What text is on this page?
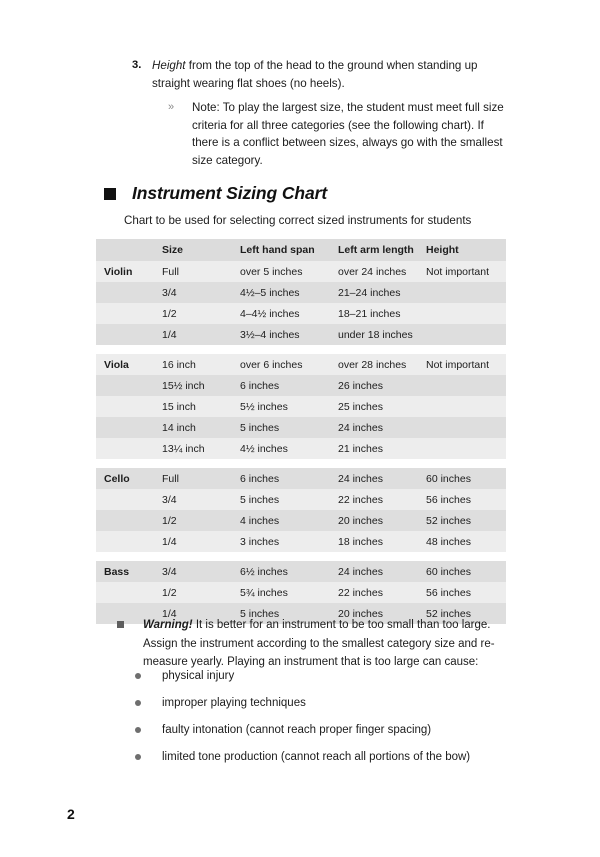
3. Height from the top of the head to the ground when standing up straight wearing flat shoes (no heels).
»	Note: To play the largest size, the student must meet full size criteria for all three categories (see the following chart). If there is a conflict between sizes, always go with the smallest size category.
Instrument Sizing Chart
Chart to be used for selecting correct sized instruments for students
	Size	Left hand span	Left arm length	Height
Violin	Full	over 5 inches	over 24 inches	Not important
	3/4	4½–5 inches	21–24 inches	
	1/2	4–4½ inches	18–21 inches	
	1/4	3½–4 inches	under 18 inches	

Viola	16 inch	over 6 inches	over 28 inches	Not important
	15½ inch	6 inches	26 inches	
	15 inch	5½ inches	25 inches	
	14 inch	5 inches	24 inches	
	13¼ inch	4½ inches	21 inches	

Cello	Full	6 inches	24 inches	60 inches
	3/4	5 inches	22 inches	56 inches
	1/2	4 inches	20 inches	52 inches
	1/4	3 inches	18 inches	48 inches

Bass	3/4	6½ inches	24 inches	60 inches
	1/2	5¾ inches	22 inches	56 inches
	1/4	5 inches	20 inches	52 inches
Warning! It is better for an instrument to be too small than too large. Assign the instrument according to the smallest category size and re-measure yearly. Playing an instrument that is too large can cause:
physical injury
improper playing techniques
faulty intonation (cannot reach proper finger spacing)
limited tone production (cannot reach all portions of the bow)
2
